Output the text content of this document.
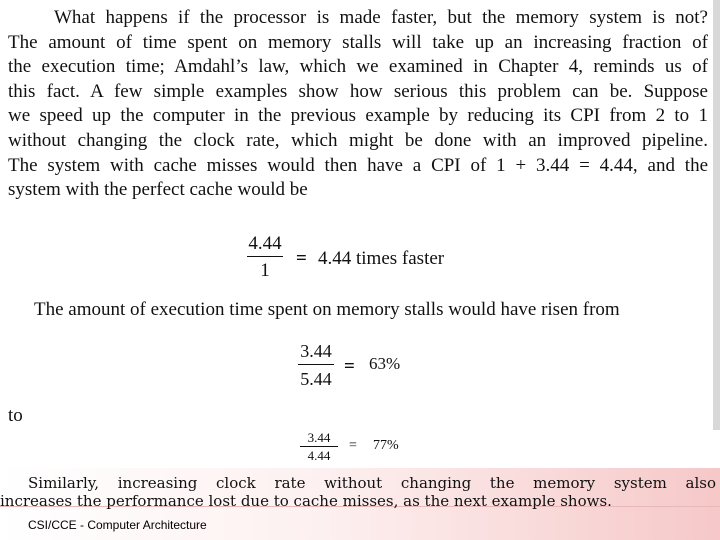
What happens if the processor is made faster, but the memory system is not?
The amount of time spent on memory stalls will take up an increasing fraction of
the execution time; Amdahl’s law, which we examined in Chapter 4, reminds us of
this fact. A few simple examples show how serious this problem can be. Suppose
we speed up the computer in the previous example by reducing its CPI from 2 to 1
without changing the clock rate, which might be done with an improved pipeline.
The system with cache misses would then have a CPI of 1 + 3.44 = 4.44, and the
system with the perfect cache would be

4.44
1
= 4.44 times faster
The amount of execution time spent on memory stalls would have risen from
3.44
5.44
= 63%
to
3.44
4.44
= 77%

Similarly, increasing clock rate without changing the memory system also
increases the performance lost due to cache misses, as the next example shows.

CSI/CCE - Computer Architecture
